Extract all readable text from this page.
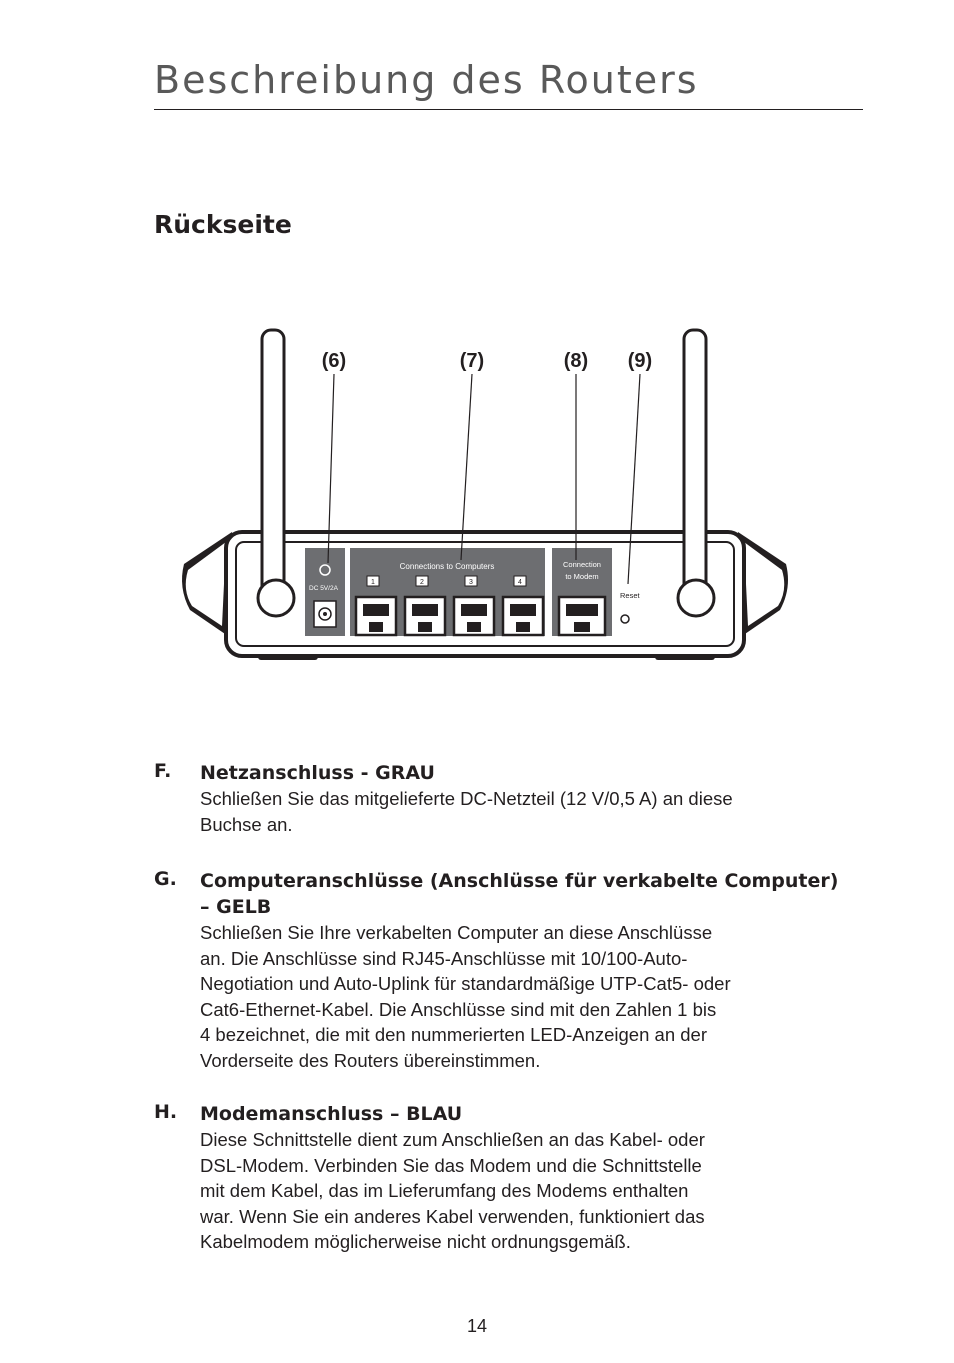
Beschreibung des Routers
Rückseite
DC 5V/2A
Connections to Computers
1	2	3	4
Connection
to Modem
Reset
(6)	(7)	(8) (9)
F. Netzanschluss - GRAU
Schließen Sie das mitgelieferte DC-Netzteil (12 V/0,5 A) an diese
Buchse an.
G. Computeranschlüsse (Anschlüsse für verkabelte Computer)
– GELB
Schließen Sie Ihre verkabelten Computer an diese Anschlüsse
an. Die Anschlüsse sind RJ45-Anschlüsse mit 10/100-Auto-
Negotiation und Auto-Uplink für standardmäßige UTP-Cat5- oder
Cat6-Ethernet-Kabel. Die Anschlüsse sind mit den Zahlen 1 bis
4 bezeichnet, die mit den nummerierten LED-Anzeigen an der
Vorderseite des Routers übereinstimmen.
H. Modemanschluss – BLAU
Diese Schnittstelle dient zum Anschließen an das Kabel- oder
DSL-Modem. Verbinden Sie das Modem und die Schnittstelle
mit dem Kabel, das im Lieferumfang des Modems enthalten
war. Wenn Sie ein anderes Kabel verwenden, funktioniert das
Kabelmodem möglicherweise nicht ordnungsgemäß.
14
